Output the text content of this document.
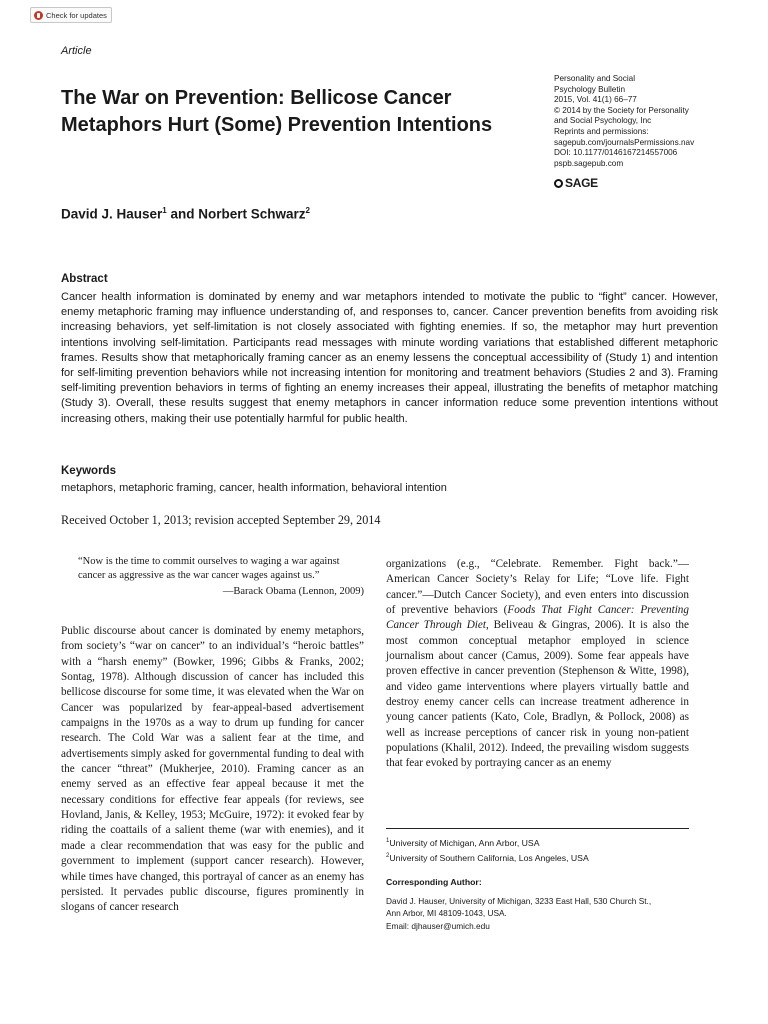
Check for updates
Article
The War on Prevention: Bellicose Cancer Metaphors Hurt (Some) Prevention Intentions
Personality and Social
Psychology Bulletin
2015, Vol. 41(1) 66–77
© 2014 by the Society for Personality
and Social Psychology, Inc
Reprints and permissions:
sagepub.com/journalsPermissions.nav
DOI: 10.1177/0146167214557006
pspb.sagepub.com
SAGE
David J. Hauser$^1$ and Norbert Schwarz$^2$
Abstract
Cancer health information is dominated by enemy and war metaphors intended to motivate the public to “fight” cancer. However, enemy metaphoric framing may influence understanding of, and responses to, cancer. Cancer prevention benefits from avoiding risk increasing behaviors, yet self-limitation is not closely associated with fighting enemies. If so, the metaphor may hurt prevention intentions involving self-limitation. Participants read messages with minute wording variations that established different metaphoric frames. Results show that metaphorically framing cancer as an enemy lessens the conceptual accessibility of (Study 1) and intention for self-limiting prevention behaviors while not increasing intention for monitoring and treatment behaviors (Studies 2 and 3). Framing self-limiting prevention behaviors in terms of fighting an enemy increases their appeal, illustrating the benefits of metaphor matching (Study 3). Overall, these results suggest that enemy metaphors in cancer information reduce some prevention intentions without increasing others, making their use potentially harmful for public health.
Keywords
metaphors, metaphoric framing, cancer, health information, behavioral intention
Received October 1, 2013; revision accepted September 29, 2014
“Now is the time to commit ourselves to waging a war against cancer as aggressive as the war cancer wages against us.”
—Barack Obama (Lennon, 2009)
Public discourse about cancer is dominated by enemy metaphors, from society’s “war on cancer” to an individual’s “heroic battles” with a “harsh enemy” (Bowker, 1996; Gibbs & Franks, 2002; Sontag, 1978). Although discussion of cancer has included this bellicose discourse for some time, it was elevated when the War on Cancer was popularized by fear-appeal-based advertisement campaigns in the 1970s as a way to drum up funding for cancer research. The Cold War was a salient fear at the time, and advertisements simply asked for governmental funding to deal with the cancer “threat” (Mukherjee, 2010). Framing cancer as an enemy served as an effective fear appeal because it met the necessary conditions for effective fear appeals (for reviews, see Hovland, Janis, & Kelley, 1953; McGuire, 1972): it evoked fear by riding the coattails of a salient theme (war with enemies), and it made a clear recommendation that was easy for the public and government to implement (support cancer research). However, while times have changed, this portrayal of cancer as an enemy has persisted. It pervades public discourse, figures prominently in slogans of cancer research
organizations (e.g., “Celebrate. Remember. Fight back.”—American Cancer Society’s Relay for Life; “Love life. Fight cancer.”—Dutch Cancer Society), and even enters into discussion of preventive behaviors (Foods That Fight Cancer: Preventing Cancer Through Diet, Beliveau & Gingras, 2006). It is also the most common conceptual metaphor employed in science journalism about cancer (Camus, 2009). Some fear appeals have proven effective in cancer prevention (Stephenson & Witte, 1998), and video game interventions where players virtually battle and destroy enemy cancer cells can increase treatment adherence in young cancer patients (Kato, Cole, Bradlyn, & Pollock, 2008) as well as increase perceptions of cancer risk in young non-patient populations (Khalil, 2012). Indeed, the prevailing wisdom suggests that fear evoked by portraying cancer as an enemy
$^1$University of Michigan, Ann Arbor, USA
$^2$University of Southern California, Los Angeles, USA
Corresponding Author:
David J. Hauser, University of Michigan, 3233 East Hall, 530 Church St.,
Ann Arbor, MI 48109-1043, USA.
Email: djhauser@umich.edu
